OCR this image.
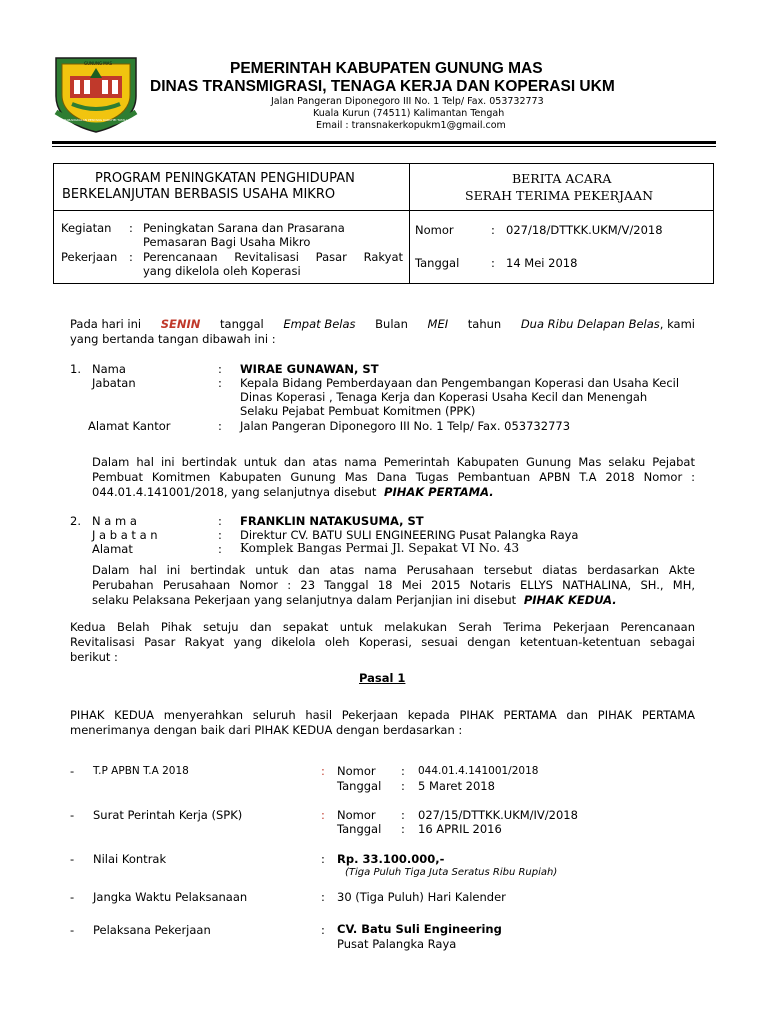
GUNUNG MAS
HABANGKALAN PENYANG KARUHEI TATAU
PEMERINTAH KABUPATEN GUNUNG MAS
DINAS TRANSMIGRASI, TENAGA KERJA DAN KOPERASI UKM
Jalan Pangeran Diponegoro III No. 1 Telp/ Fax. 053732773
Kuala Kurun (74511) Kalimantan Tengah
Email : transnakerkopukm1@gmail.com
PROGRAM PENINGKATAN PENGHIDUPAN
BERKELANJUTAN BERBASIS USAHA MIKRO
BERITA ACARA
SERAH TERIMA PEKERJAAN
Kegiatan : Peningkatan Sarana dan Prasarana
Pemasaran Bagi Usaha Mikro
Pekerjaan : Perencanaan Revitalisasi Pasar Rakyat
yang dikelola oleh Koperasi
Nomor	: 027/18/DTTKK.UKM/V/2018
Tanggal	: 14 Mei 2018
Pada hari ini SENIN tanggal Empat Belas Bulan MEI tahun Dua Ribu Delapan Belas, kami
yang bertanda tangan dibawah ini :
1. Nama	: WIRAE GUNAWAN, ST
Jabatan	: Kepala Bidang Pemberdayaan dan Pengembangan Koperasi dan Usaha Kecil
Dinas Koperasi , Tenaga Kerja dan Koperasi Usaha Kecil dan Menengah
Selaku Pejabat Pembuat Komitmen (PPK)
Alamat Kantor	: Jalan Pangeran Diponegoro III No. 1 Telp/ Fax. 053732773
Dalam hal ini bertindak untuk dan atas nama Pemerintah Kabupaten Gunung Mas selaku Pejabat
Pembuat Komitmen Kabupaten Gunung Mas Dana Tugas Pembantuan APBN T.A 2018 Nomor :
044.01.4.141001/2018, yang selanjutnya disebut PIHAK PERTAMA.
2. N a m a	: FRANKLIN NATAKUSUMA, ST
J a b a t a n	: Direktur CV. BATU SULI ENGINEERING Pusat Palangka Raya
Alamat	: Komplek Bangas Permai Jl. Sepakat VI No. 43
Dalam hal ini bertindak untuk dan atas nama Perusahaan tersebut diatas berdasarkan Akte
Perubahan Perusahaan Nomor : 23 Tanggal 18 Mei 2015 Notaris ELLYS NATHALINA, SH., MH,
selaku Pelaksana Pekerjaan yang selanjutnya dalam Perjanjian ini disebut PIHAK KEDUA.
Kedua Belah Pihak setuju dan sepakat untuk melakukan Serah Terima Pekerjaan Perencanaan
Revitalisasi Pasar Rakyat yang dikelola oleh Koperasi, sesuai dengan ketentuan-ketentuan sebagai
berikut :
Pasal 1
PIHAK KEDUA menyerahkan seluruh hasil Pekerjaan kepada PIHAK PERTAMA dan PIHAK PERTAMA
menerimanya dengan baik dari PIHAK KEDUA dengan berdasarkan :
- T.P APBN T.A 2018	: Nomor : 044.01.4.141001/2018
Tanggal : 5 Maret 2018
- Surat Perintah Kerja (SPK)	: Nomor : 027/15/DTTKK.UKM/IV/2018
Tanggal : 16 APRIL 2016
- Nilai Kontrak	: Rp. 33.100.000,-
(Tiga Puluh Tiga Juta Seratus Ribu Rupiah)
- Jangka Waktu Pelaksanaan	: 30 (Tiga Puluh) Hari Kalender
- Pelaksana Pekerjaan	: CV. Batu Suli Engineering
Pusat Palangka Raya
